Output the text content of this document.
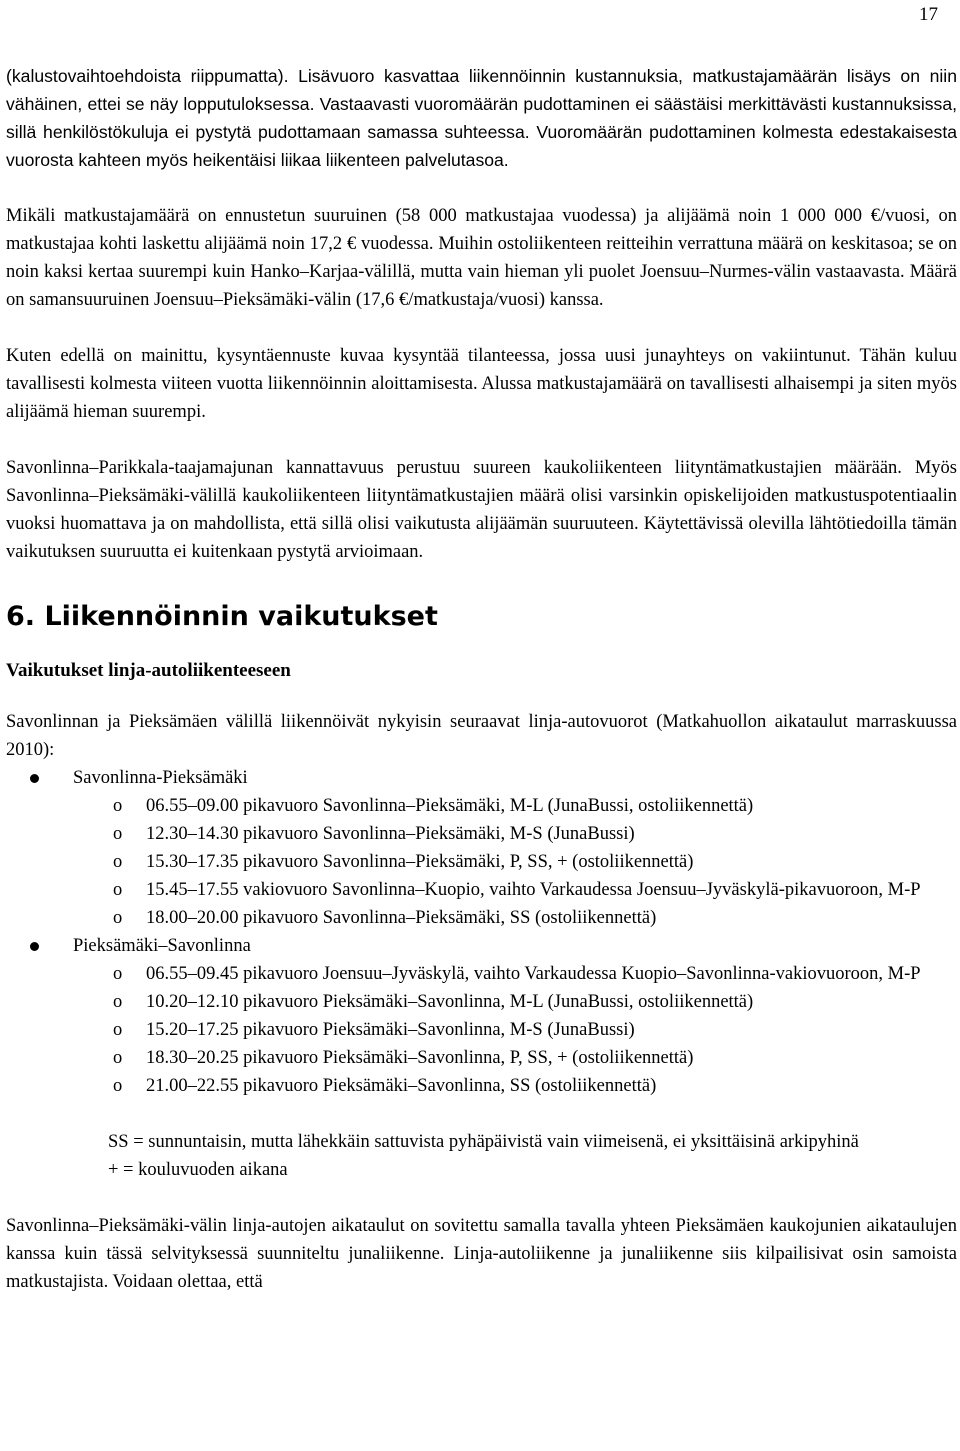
17

(kalustovaihtoehdoista riippumatta). Lisävuoro kasvattaa liikennöinnin kustannuksia, matkustajamäärän lisäys on niin vähäinen, ettei se näy lopputuloksessa. Vastaavasti vuoromäärän pudottaminen ei säästäisi merkittävästi kustannuksissa, sillä henkilöstökuluja ei pystytä pudottamaan samassa suhteessa. Vuoromäärän pudottaminen kolmesta edestakaisesta vuorosta kahteen myös heikentäisi liikaa liikenteen palvelutasoa.

Mikäli matkustajamäärä on ennustetun suuruinen (58 000 matkustajaa vuodessa) ja alijäämä noin 1 000 000 €/vuosi, on matkustajaa kohti laskettu alijäämä noin 17,2 € vuodessa. Muihin ostoliikenteen reitteihin verrattuna määrä on keskitasoa; se on noin kaksi kertaa suurempi kuin Hanko–Karjaa-välillä, mutta vain hieman yli puolet Joensuu–Nurmes-välin vastaavasta. Määrä on samansuuruinen Joensuu–Pieksämäki-välin (17,6 €/matkustaja/vuosi) kanssa.

Kuten edellä on mainittu, kysyntäennuste kuvaa kysyntää tilanteessa, jossa uusi junayhteys on vakiintunut. Tähän kuluu tavallisesti kolmesta viiteen vuotta liikennöinnin aloittamisesta. Alussa matkustajamäärä on tavallisesti alhaisempi ja siten myös alijäämä hieman suurempi.

Savonlinna–Parikkala-taajamajunan kannattavuus perustuu suureen kaukoliikenteen liityntämatkustajien määrään. Myös Savonlinna–Pieksämäki-välillä kaukoliikenteen liityntämatkustajien määrä olisi varsinkin opiskelijoiden matkustuspotentiaalin vuoksi huomattava ja on mahdollista, että sillä olisi vaikutusta alijäämän suuruuteen. Käytettävissä olevilla lähtötiedoilla tämän vaikutuksen suuruutta ei kuitenkaan pystytä arvioimaan.

6. Liikennöinnin vaikutukset
Vaikutukset linja-autoliikenteeseen

Savonlinnan ja Pieksämäen välillä liikennöivät nykyisin seuraavat linja-autovuorot (Matkahuollon aikataulut marraskuussa 2010):

Savonlinna-Pieksämäki
o 06.55–09.00 pikavuoro Savonlinna–Pieksämäki, M-L (JunaBussi, ostoliikennettä)
o 12.30–14.30 pikavuoro Savonlinna–Pieksämäki, M-S (JunaBussi)
o 15.30–17.35 pikavuoro Savonlinna–Pieksämäki, P, SS, + (ostoliikennettä)
o 15.45–17.55 vakiovuoro Savonlinna–Kuopio, vaihto Varkaudessa Joensuu–Jyväskylä-pikavuoroon, M-P
o 18.00–20.00 pikavuoro Savonlinna–Pieksämäki, SS (ostoliikennettä)
Pieksämäki–Savonlinna
o 06.55–09.45 pikavuoro Joensuu–Jyväskylä, vaihto Varkaudessa Kuopio–Savonlinna-vakiovuoroon, M-P
o 10.20–12.10 pikavuoro Pieksämäki–Savonlinna, M-L (JunaBussi, ostoliikennettä)
o 15.20–17.25 pikavuoro Pieksämäki–Savonlinna, M-S (JunaBussi)
o 18.30–20.25 pikavuoro Pieksämäki–Savonlinna, P, SS, + (ostoliikennettä)
o 21.00–22.55 pikavuoro Pieksämäki–Savonlinna, SS (ostoliikennettä)

SS = sunnuntaisin, mutta lähekkäin sattuvista pyhäpäivistä vain viimeisenä, ei yksittäisinä arkipyhinä

+ = kouluvuoden aikana

Savonlinna–Pieksämäki-välin linja-autojen aikataulut on sovitettu samalla tavalla yhteen Pieksämäen kaukojunien aikataulujen kanssa kuin tässä selvityksessä suunniteltu junaliikenne. Linja-autoliikenne ja junaliikenne siis kilpailisivat osin samoista matkustajista. Voidaan olettaa, että
